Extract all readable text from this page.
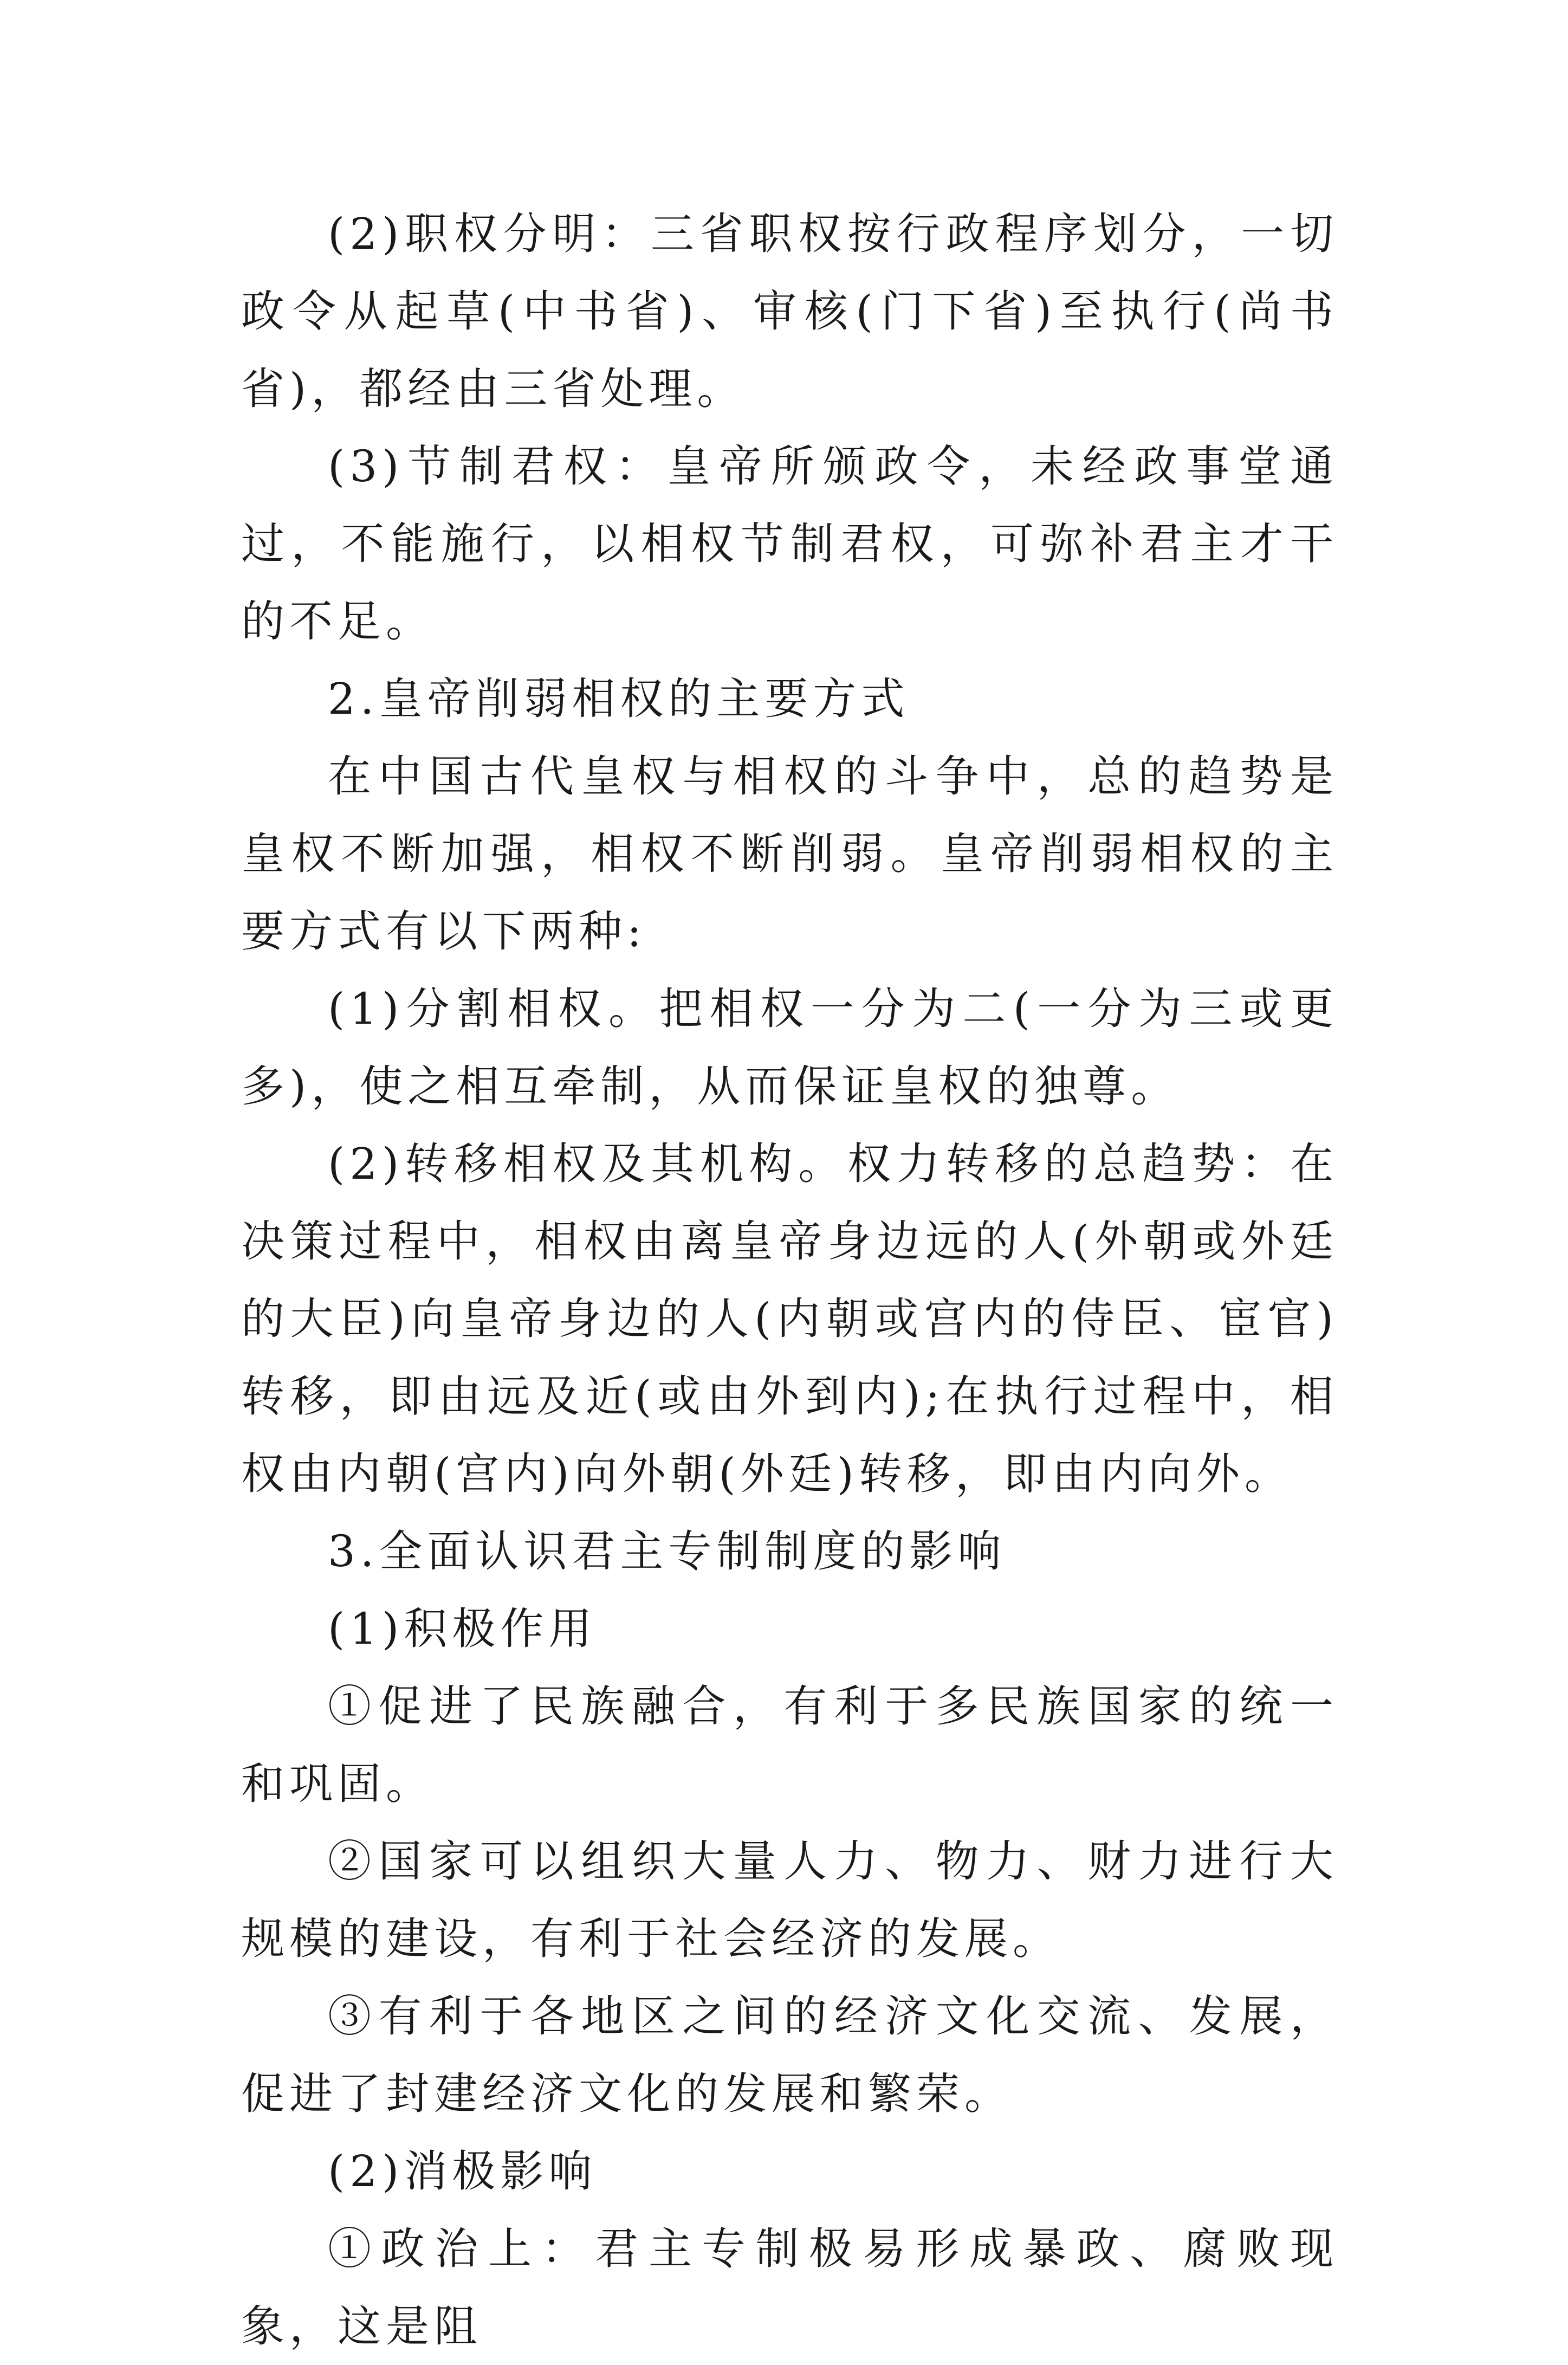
(2)职权分明：三省职权按行政程序划分，一切政令从起草(中书省)、审核(门下省)至执行(尚书省)，都经由三省处理。

(3)节制君权：皇帝所颁政令，未经政事堂通过，不能施行，以相权节制君权，可弥补君主才干的不足。

2.皇帝削弱相权的主要方式

在中国古代皇权与相权的斗争中，总的趋势是皇权不断加强，相权不断削弱。皇帝削弱相权的主要方式有以下两种:

(1)分割相权。把相权一分为二(一分为三或更多)，使之相互牵制，从而保证皇权的独尊。

(2)转移相权及其机构。权力转移的总趋势：在决策过程中，相权由离皇帝身边远的人(外朝或外廷的大臣)向皇帝身边的人(内朝或宫内的侍臣、宦官)转移，即由远及近(或由外到内);在执行过程中，相权由内朝(宫内)向外朝(外廷)转移，即由内向外。

3.全面认识君主专制制度的影响

(1)积极作用

①促进了民族融合，有利于多民族国家的统一和巩固。

②国家可以组织大量人力、物力、财力进行大规模的建设，有利于社会经济的发展。

③有利于各地区之间的经济文化交流、发展，促进了封建经济文化的发展和繁荣。

(2)消极影响

①政治上：君主专制极易形成暴政、腐败现象，这是阻
